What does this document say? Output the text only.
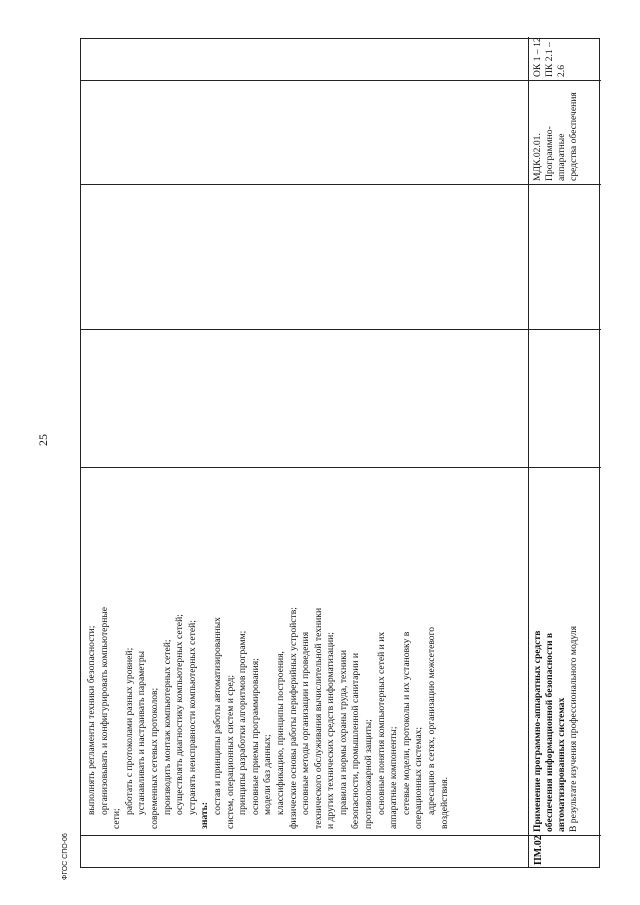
25
выполнять регламенты техники безопасности; организовывать и конфигурировать компьютерные
сети;
работать с протоколами разных уровней; устанавливать и настраивать параметры современных сетевых протоколов; производить монтаж компьютерных сетей; осуществлять диагностику компьютерных сетей; устранять неисправности компьютерных сетей;
знать:
состав и принципы работы автоматизированных систем, операционных систем и сред; принципы разработки алгоритмов программ; основные приемы программирования; модели баз данных; классификацию, принципы построения, физические основы работы периферийных устройств; основные методы организации и проведения технического обслуживания вычислительной техники и других технических средств информатизации; правила и нормы охраны труда, техники безопасности, промышленной санитарии и противопожарной защиты; основные понятия компьютерных сетей и их аппаратные компоненты; сетевые модели, протоколы и их установку в операционных системах; адресацию в сетях, организацию межсетевого воздействия.
ПМ.02
Применение программно-аппаратных средств обеспечения информационной безопасности в автоматизированных системах В результате изучения профессионального модуля
МДК.02.01. Программно- аппаратные средства обеспечения
ОК 1 – 12 ПК 2.1 – 2.6
ФГОС СПО-06
